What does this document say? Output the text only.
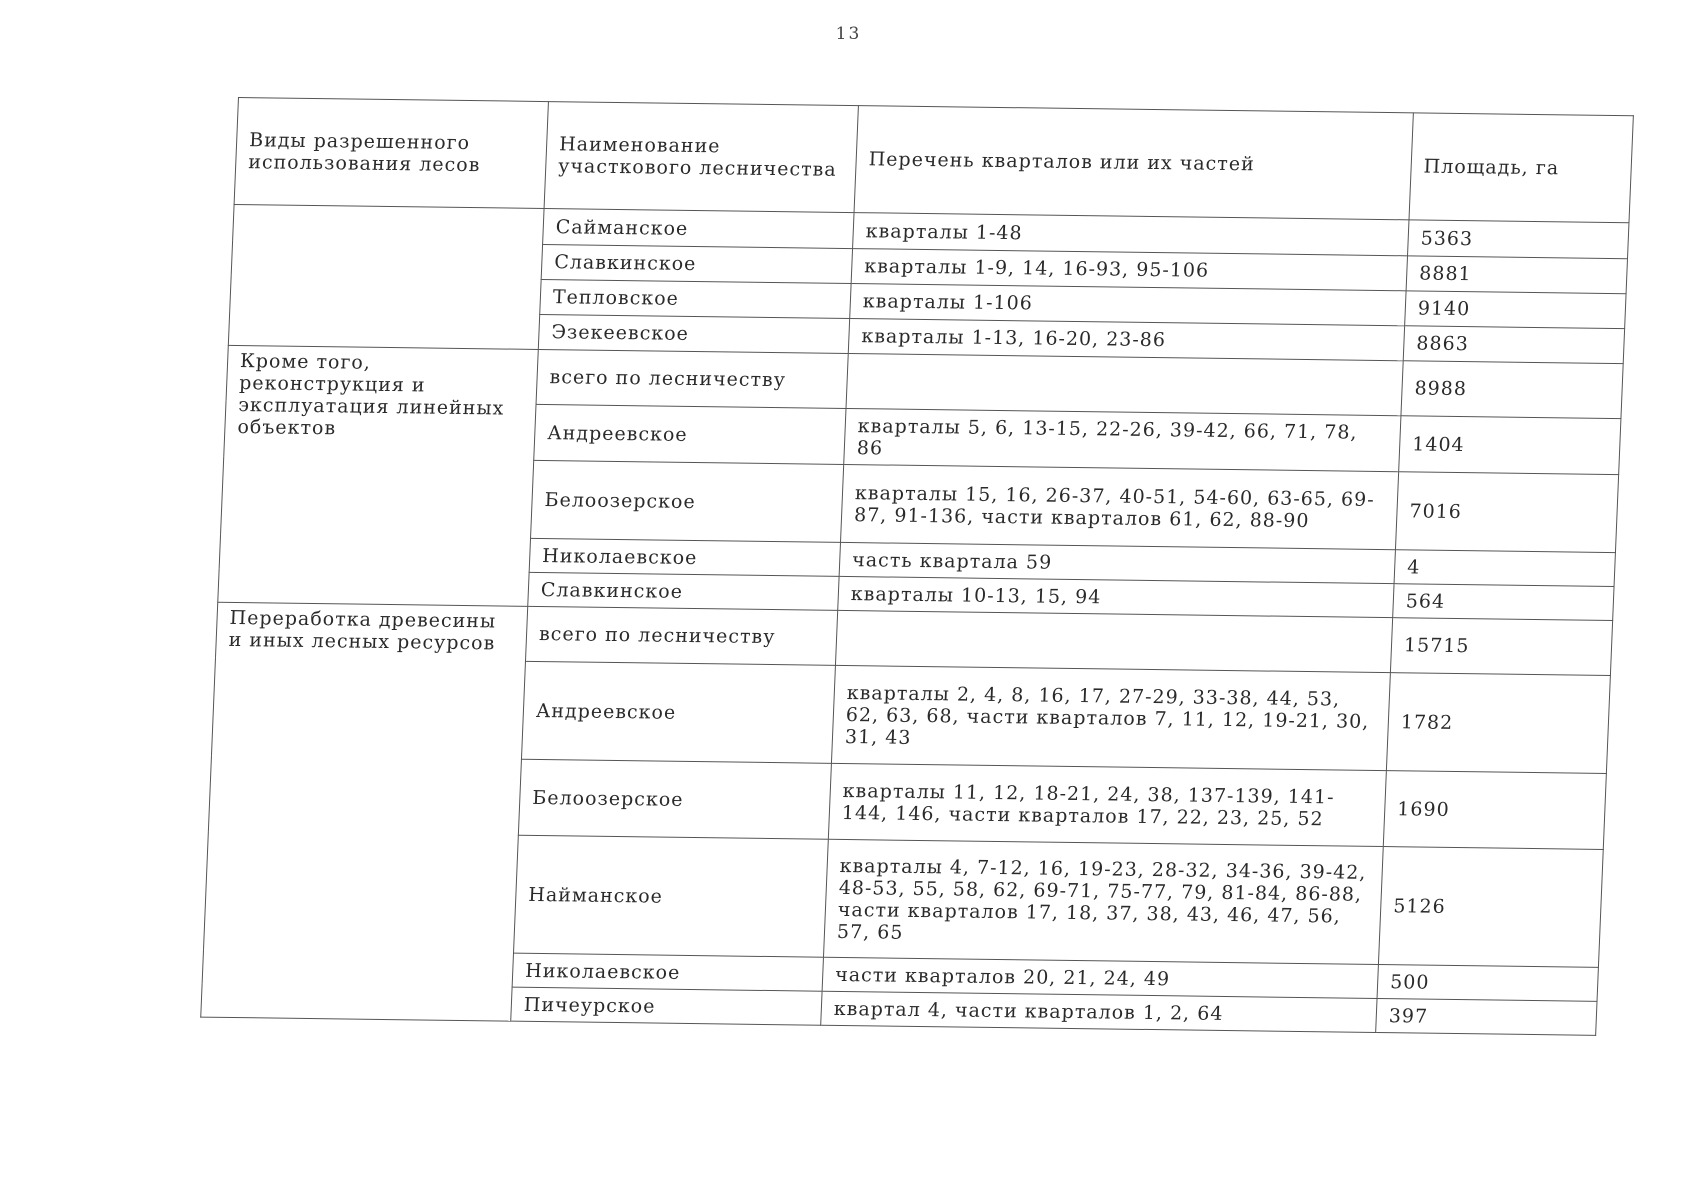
13
Виды разрешенного использования лесов	Наименование участкового лесничества	Перечень кварталов или их частей	Площадь, га
	Сайманское	кварталы 1-48	5363
	Славкинское	кварталы 1-9, 14, 16-93, 95-106	8881
	Тепловское	кварталы 1-106	9140
	Эзекеевское	кварталы 1-13, 16-20, 23-86	8863
Кроме того, реконструкция и эксплуатация линейных объектов	всего по лесничеству		8988
	Андреевское	кварталы 5, 6, 13-15, 22-26, 39-42, 66, 71, 78, 86	1404
	Белоозерское	кварталы 15, 16, 26-37, 40-51, 54-60, 63-65, 69-87, 91-136, части кварталов 61, 62, 88-90	7016
	Николаевское	часть квартала 59	4
	Славкинское	кварталы 10-13, 15, 94	564
Переработка древесины и иных лесных ресурсов	всего по лесничеству		15715
	Андреевское	кварталы 2, 4, 8, 16, 17, 27-29, 33-38, 44, 53, 62, 63, 68, части кварталов 7, 11, 12, 19-21, 30, 31, 43	1782
	Белоозерское	кварталы 11, 12, 18-21, 24, 38, 137-139, 141-144, 146, части кварталов 17, 22, 23, 25, 52	1690
	Наймaнское	кварталы 4, 7-12, 16, 19-23, 28-32, 34-36, 39-42, 48-53, 55, 58, 62, 69-71, 75-77, 79, 81-84, 86-88, части кварталов 17, 18, 37, 38, 43, 46, 47, 56, 57, 65	5126
	Николаевское	части кварталов 20, 21, 24, 49	500
	Пичеурское	квартал 4, части кварталов 1, 2, 64	397
